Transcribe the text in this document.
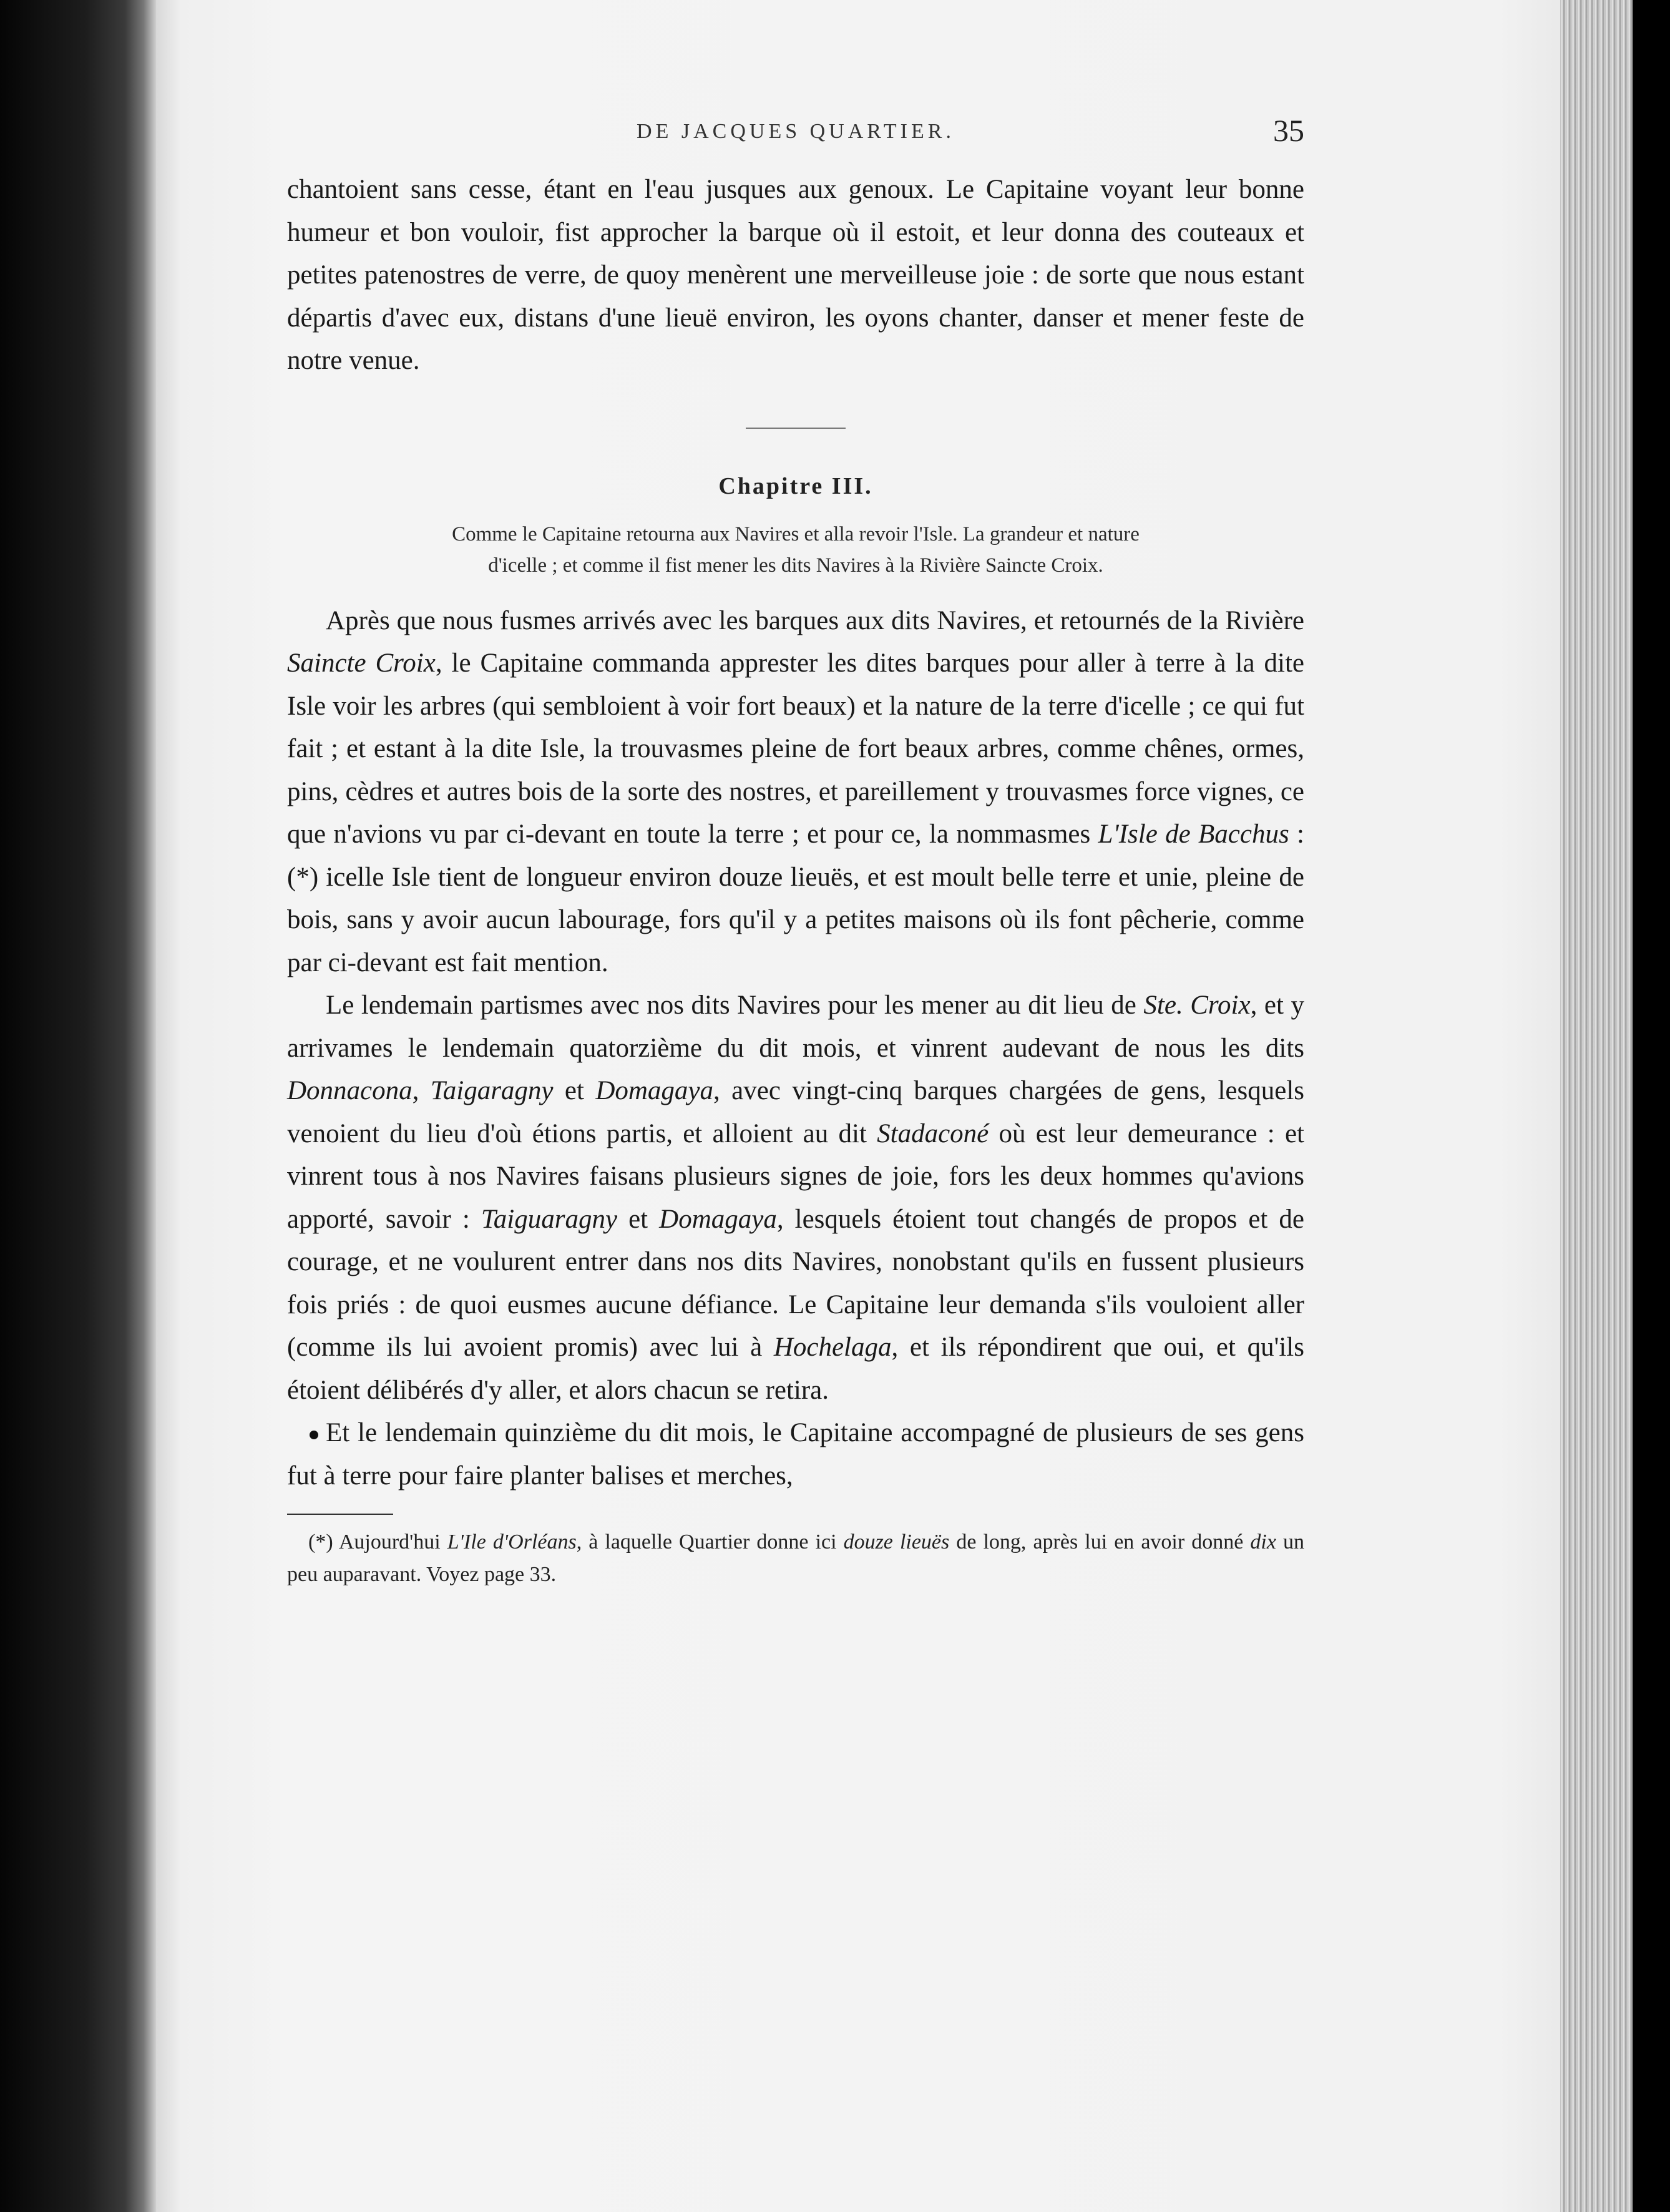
DE JACQUES QUARTIER.	35

chantoient sans cesse, étant en l'eau jusques aux genoux. Le Capitaine voyant leur bonne humeur et bon vouloir, fist approcher la barque où il estoit, et leur donna des couteaux et petites patenostres de verre, de quoy menèrent une merveilleuse joie : de sorte que nous estant départis d'avec eux, distans d'une lieuë environ, les oyons chanter, danser et mener feste de notre venue.

Chapitre III.
Comme le Capitaine retourna aux Navires et alla revoir l'Isle. La grandeur et nature
d'icelle ; et comme il fist mener les dits Navires à la Rivière Saincte Croix.

Après que nous fusmes arrivés avec les barques aux dits Navires, et retournés de la Rivière Saincte Croix, le Capitaine commanda apprester les dites barques pour aller à terre à la dite Isle voir les arbres (qui sembloient à voir fort beaux) et la nature de la terre d'icelle ; ce qui fut fait ; et estant à la dite Isle, la trouvasmes pleine de fort beaux arbres, comme chênes, ormes, pins, cèdres et autres bois de la sorte des nostres, et pareillement y trouvasmes force vignes, ce que n'avions vu par ci-devant en toute la terre ; et pour ce, la nommasmes L'Isle de Bacchus : (*) icelle Isle tient de longueur environ douze lieuës, et est moult belle terre et unie, pleine de bois, sans y avoir aucun labourage, fors qu'il y a petites maisons où ils font pêcherie, comme par ci-devant est fait mention.

Le lendemain partismes avec nos dits Navires pour les mener au dit lieu de Ste. Croix, et y arrivames le lendemain quatorzième du dit mois, et vinrent audevant de nous les dits Donnacona, Taigaragny et Domagaya, avec vingt-cinq barques chargées de gens, lesquels venoient du lieu d'où étions partis, et alloient au dit Stadaconé où est leur demeurance : et vinrent tous à nos Navires faisans plusieurs signes de joie, fors les deux hommes qu'avions apporté, savoir : Taiguaragny et Domagaya, lesquels étoient tout changés de propos et de courage, et ne voulurent entrer dans nos dits Navires, nonobstant qu'ils en fussent plusieurs fois priés : de quoi eusmes aucune défiance. Le Capitaine leur demanda s'ils vouloient aller (comme ils lui avoient promis) avec lui à Hochelaga, et ils répondirent que oui, et qu'ils étoient délibérés d'y aller, et alors chacun se retira.

Et le lendemain quinzième du dit mois, le Capitaine accompagné de plusieurs de ses gens fut à terre pour faire planter balises et merches,

(*) Aujourd'hui L'Ile d'Orléans, à laquelle Quartier donne ici douze lieuës de long, après lui en avoir donné dix un peu auparavant. Voyez page 33.
